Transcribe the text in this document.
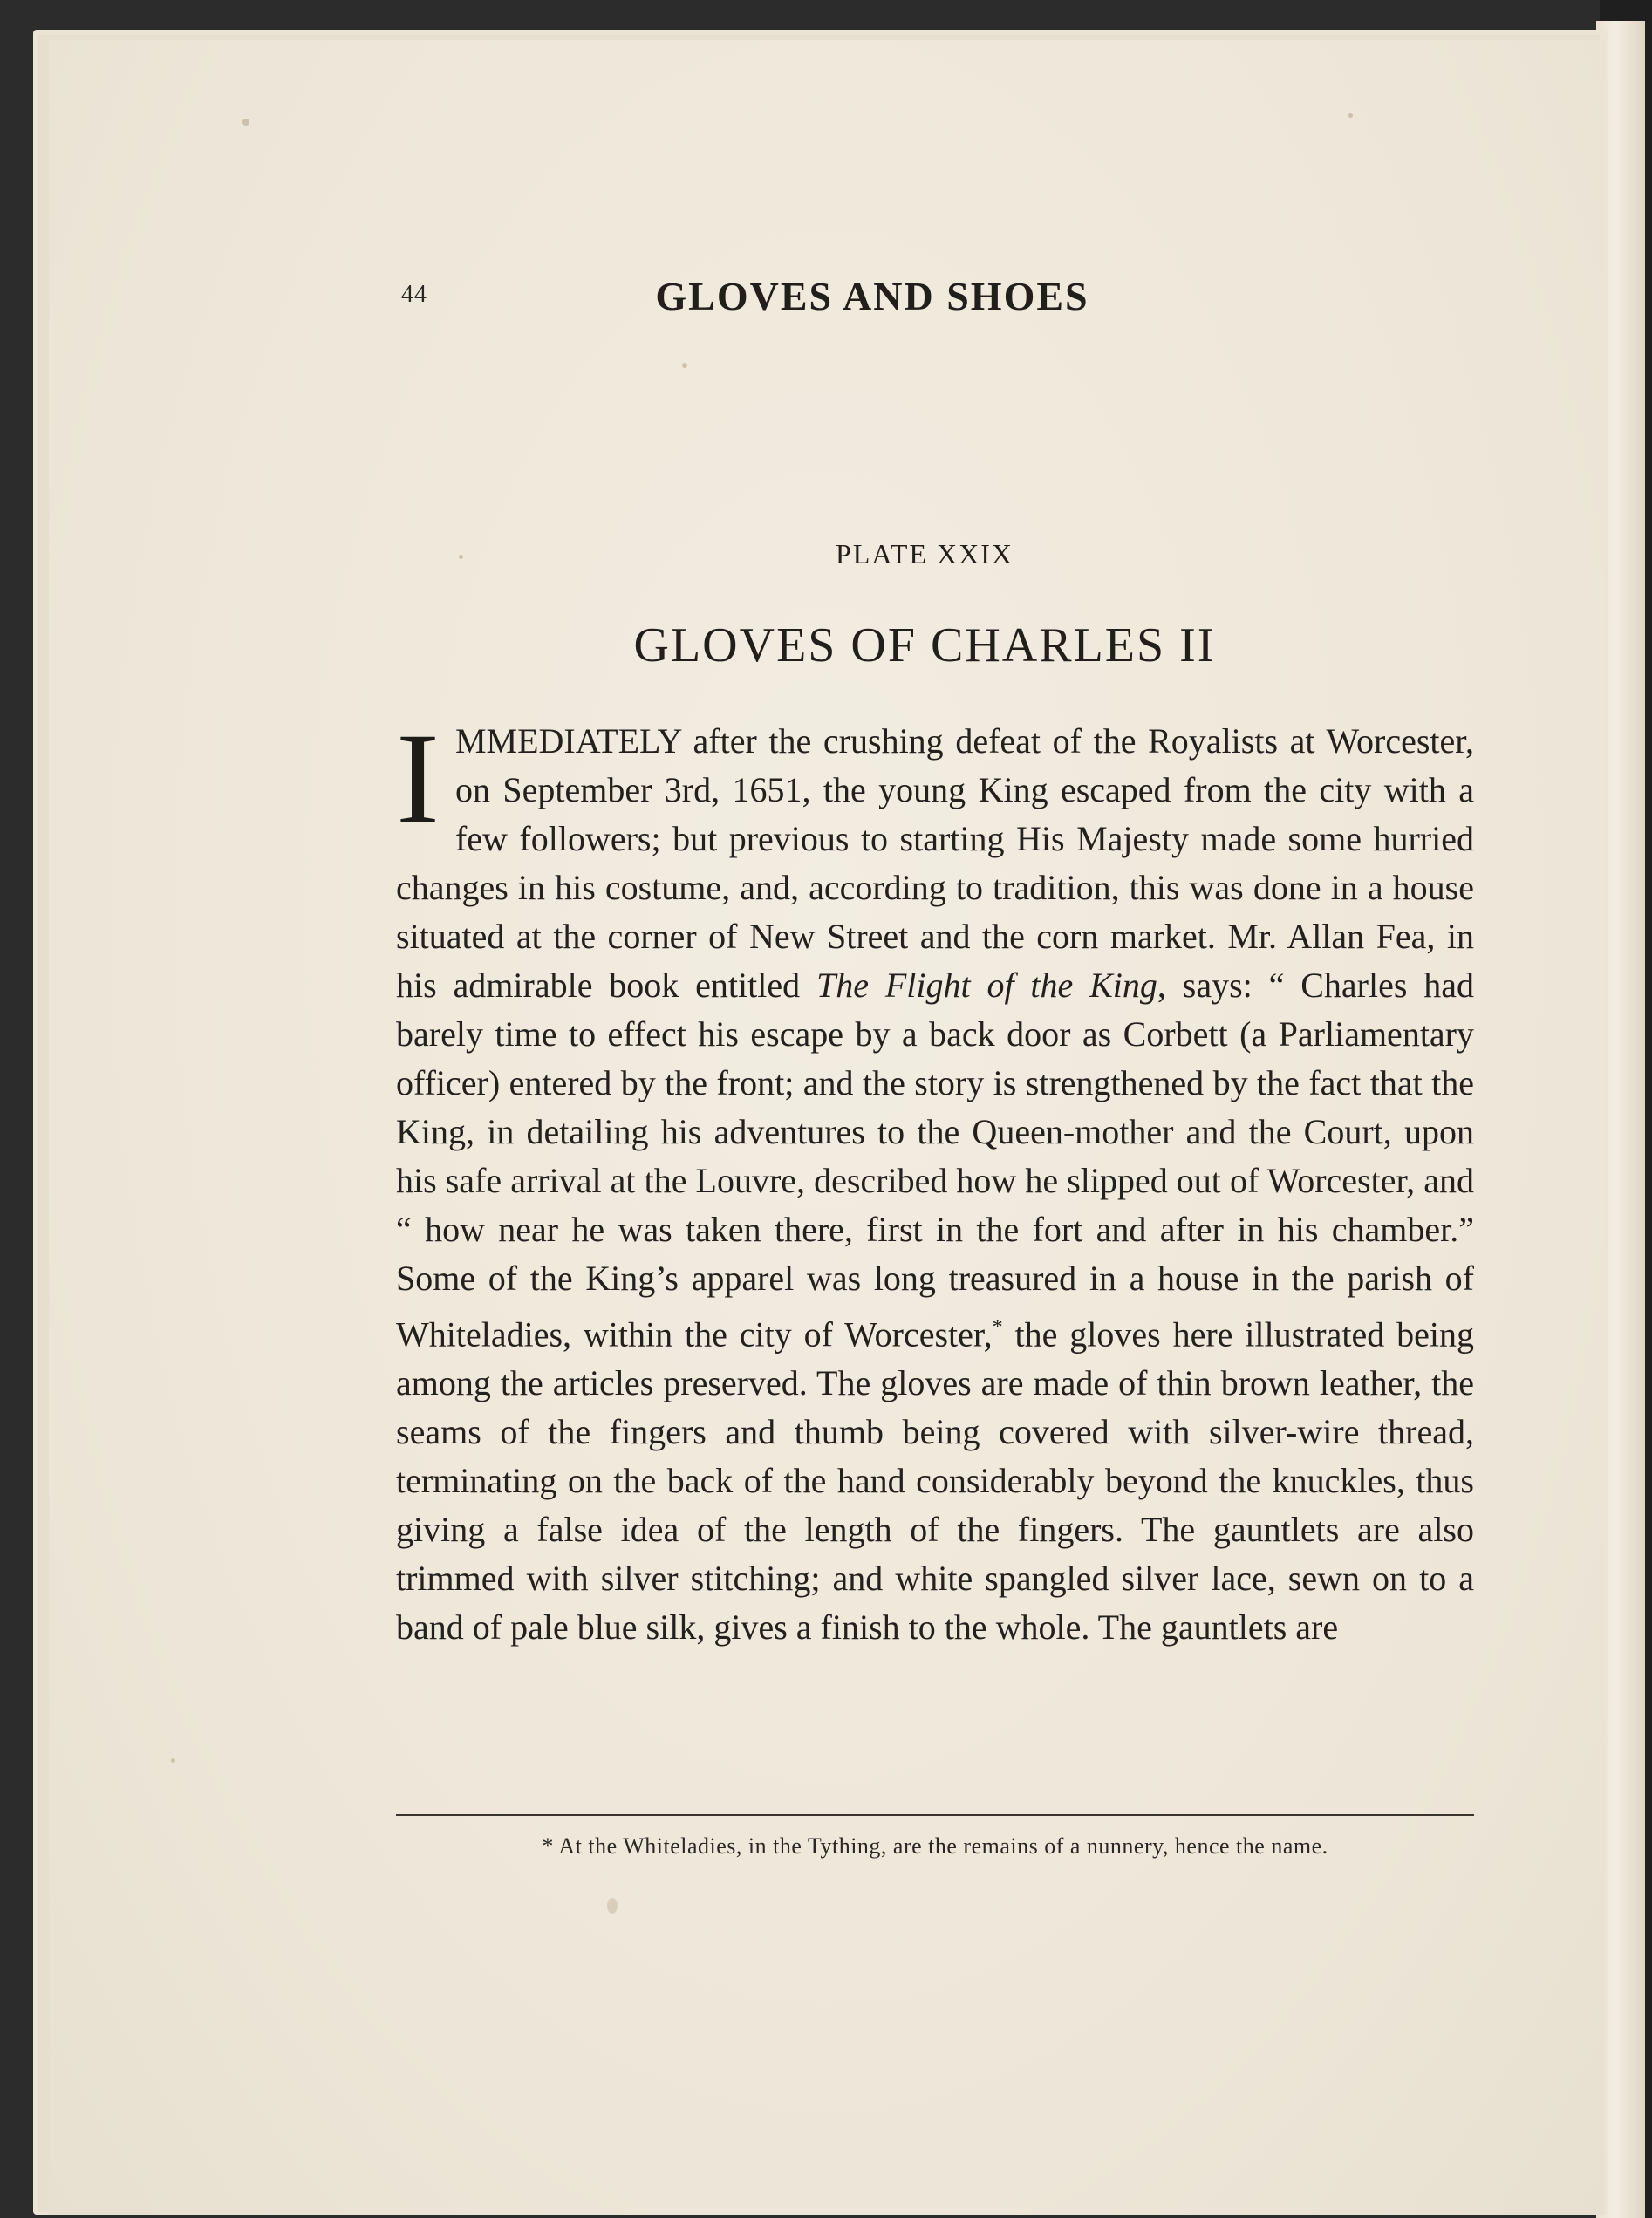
44	GLOVES AND SHOES
PLATE XXIX
GLOVES OF CHARLES II

IMMEDIATELY after the crushing defeat of the Royalists at Worcester, on September 3rd, 1651, the young King escaped from the city with a few followers; but previous to starting His Majesty made some hurried changes in his costume, and, according to tradition, this was done in a house situated at the corner of New Street and the corn market. Mr. Allan Fea, in his admirable book entitled The Flight of the King, says: “ Charles had barely time to effect his escape by a back door as Corbett (a Parliamentary officer) entered by the front; and the story is strengthened by the fact that the King, in detailing his adventures to the Queen-mother and the Court, upon his safe arrival at the Louvre, described how he slipped out of Worcester, and “ how near he was taken there, first in the fort and after in his chamber.” Some of the King’s apparel was long treasured in a house in the parish of Whiteladies, within the city of Worcester,* the gloves here illustrated being among the articles preserved. The gloves are made of thin brown leather, the seams of the fingers and thumb being covered with silver-wire thread, terminating on the back of the hand considerably beyond the knuckles, thus giving a false idea of the length of the fingers. The gauntlets are also trimmed with silver stitching; and white spangled silver lace, sewn on to a band of pale blue silk, gives a finish to the whole. The gauntlets are

* At the Whiteladies, in the Tything, are the remains of a nunnery, hence the name.
